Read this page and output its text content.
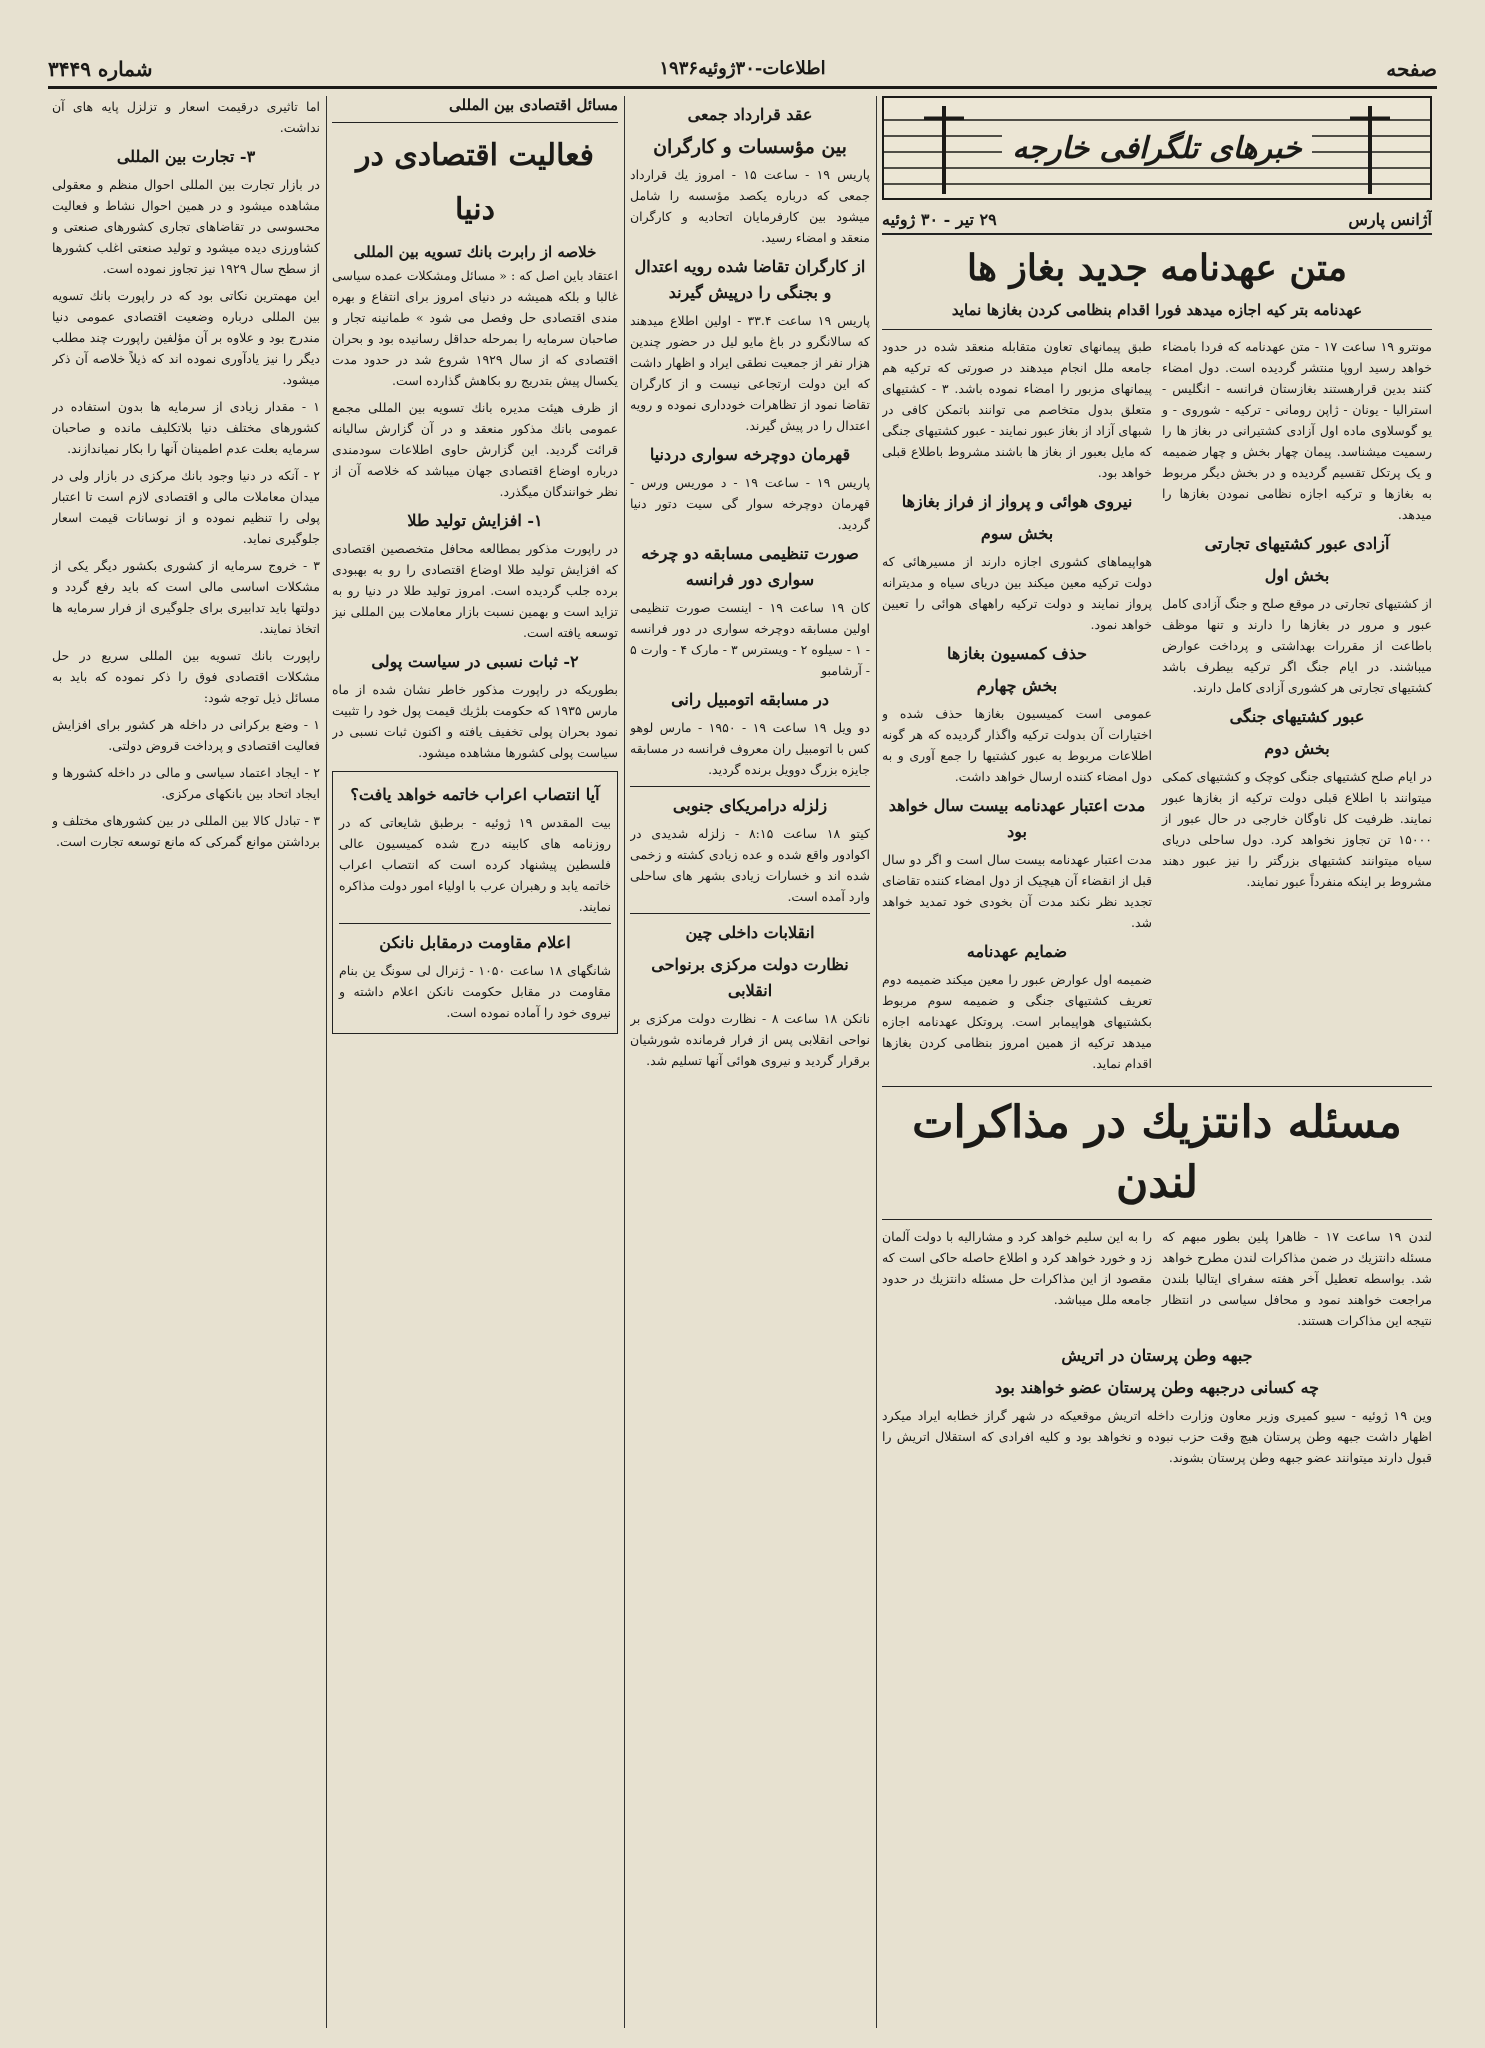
صفحه
اطلاعات-۳۰ژوئیه۱۹۳۶
شماره ۳۴۴۹
خبرهای تلگرافی خارجه
آژانس پارس
۲۹ تیر - ۳۰ ژوئیه
متن عهدنامه جدید بغاز ها
عهدنامه بتر کیه اجازه میدهد فورا اقدام بنظامی کردن بغازها نماید

مونترو ۱۹ ساعت ۱۷ - متن عهدنامه که فردا بامضاء خواهد رسید اروپا منتشر گردیده است. دول امضاء کنند بدین قرارهستند بغازستان فرانسه - انگلیس - استرالیا - یونان - ژاپن رومانی - ترکیه - شوروی - و یو گوسلاوی ماده اول آزادی کشتیرانی در بغاز ها را رسمیت میشناسد. پیمان چهار بخش و چهار ضمیمه و یک پرتکل تقسیم گردیده و در بخش دیگر مربوط به بغازها و ترکیه اجازه نظامی نمودن بغازها را میدهد.

آزادی عبور کشتیهای تجارتی
بخش اول

از کشتیهای تجارتی در موقع صلح و جنگ آزادی کامل عبور و مرور در بغازها را دارند و تنها موظف باطاعت از مقررات بهداشتی و پرداخت عوارض میباشند. در ایام جنگ اگر ترکیه بیطرف باشد کشتیهای تجارتی هر کشوری آزادی کامل دارند.

عبور کشتیهای جنگی
بخش دوم

در ایام صلح کشتیهای جنگی کوچک و کشتیهای کمکی میتوانند با اطلاع قبلی دولت ترکیه از بغازها عبور نمایند. ظرفیت کل ناوگان خارجی در حال عبور از ۱۵۰۰۰ تن تجاوز نخواهد کرد. دول ساحلی دریای سیاه میتوانند کشتیهای بزرگتر را نیز عبور دهند مشروط بر اینکه منفرداً عبور نمایند.

طبق پیمانهای تعاون متقابله منعقد شده در حدود جامعه ملل انجام میدهند در صورتی که ترکیه هم پیمانهای مزبور را امضاء نموده باشد. ۳ - کشتیهای متعلق بدول متخاصم می توانند باتمکن کافی در شبهای آزاد از بغاز عبور نمایند - عبور کشتیهای جنگی که مایل بعبور از بغاز ها باشند مشروط باطلاع قبلی خواهد بود.

نیروی هوائی و پرواز از فراز بغازها
بخش سوم

هواپیماهای کشوری اجازه دارند از مسیرهائی که دولت ترکیه معین میکند بین دریای سیاه و مدیترانه پرواز نمایند و دولت ترکیه راههای هوائی را تعیین خواهد نمود.

حذف کمسیون بغازها
بخش چهارم

عمومی است کمیسیون بغازها حذف شده و اختیارات آن بدولت ترکیه واگذار گردیده که هر گونه اطلاعات مربوط به عبور کشتیها را جمع آوری و به دول امضاء کننده ارسال خواهد داشت.

مدت اعتبار عهدنامه بیست سال خواهد بود

مدت اعتبار عهدنامه بیست سال است و اگر دو سال قبل از انقضاء آن هیچیک از دول امضاء کننده تقاضای تجدید نظر نکند مدت آن بخودی خود تمدید خواهد شد.

ضمایم عهدنامه

ضمیمه اول عوارض عبور را معین میکند ضمیمه دوم تعریف کشتیهای جنگی و ضمیمه سوم مربوط بکشتیهای هواپیمابر است. پروتکل عهدنامه اجازه میدهد ترکیه از همین امروز بنظامی کردن بغازها اقدام نماید.

مسئله دانتزیك در مذاکرات لندن

لندن ۱۹ ساعت ۱۷ - ظاهرا پلین بطور مبهم که مسئله دانتزیك در ضمن مذاکرات لندن مطرح خواهد شد. بواسطه تعطیل آخر هفته سفرای ایتالیا بلندن مراجعت خواهند نمود و محافل سیاسی در انتظار نتیجه این مذاکرات هستند.

را به این سلیم خواهد کرد و مشارالیه با دولت آلمان زد و خورد خواهد کرد و اطلاع حاصله حاکی است که مقصود از این مذاکرات حل مسئله دانتزیك در حدود جامعه ملل میباشد.

جبهه وطن پرستان در اتریش
چه کسانی درجبهه وطن پرستان عضو خواهند بود

وین ۱۹ ژوئیه - سیو کمیری وزیر معاون وزارت داخله اتریش موقعیکه در شهر گراز خطابه ایراد میکرد اظهار داشت جبهه وطن پرستان هیچ وقت حزب نبوده و نخواهد بود و کلیه افرادی که استقلال اتریش را قبول دارند میتوانند عضو جبهه وطن پرستان بشوند.

عقد قرارداد جمعی
بین مؤسسات و کارگران

پاریس ۱۹ - ساعت ۱۵ - امروز یك قرارداد جمعی که درباره یکصد مؤسسه را شامل میشود بین کارفرمایان اتحادیه و کارگران منعقد و امضاء رسید.

از کارگران تقاضا شده رویه اعتدال و بجنگی را درپیش گیرند

پاریس ۱۹ ساعت ۳۳.۴ - اولین اطلاع میدهند که سالانگرو در باغ مایو لیل در حضور چندین هزار نفر از جمعیت نطقی ایراد و اظهار داشت که این دولت ارتجاعی نیست و از کارگران تقاضا نمود از تظاهرات خودداری نموده و رویه اعتدال را در پیش گیرند.

قهرمان دوچرخه سواری دردنیا

پاریس ۱۹ - ساعت ۱۹ - د موریس ورس - قهرمان دوچرخه سوار گی سیت دتور دنیا گردید.

صورت تنظیمی مسابقه دو چرخه سواری دور فرانسه

کان ۱۹ ساعت ۱۹ - اینست صورت تنظیمی اولین مسابقه دوچرخه سواری در دور فرانسه - ۱ - سیلوه ۲ - ویسترس ۳ - مارک ۴ - وارت ۵ - آرشامبو

در مسابقه اتومبیل رانی

دو ویل ۱۹ ساعت ۱۹ - ۱۹۵۰ - مارس لوهو کس با اتومبیل ران معروف فرانسه در مسابقه جایزه بزرگ دوویل برنده گردید.

زلزله درامریکای جنوبی

کیتو ۱۸ ساعت ۸:۱۵ - زلزله شدیدی در اکوادور واقع شده و عده زیادی کشته و زخمی شده اند و خسارات زیادی بشهر های ساحلی وارد آمده است.

انقلابات داخلی چین
نظارت دولت مرکزی برنواحی انقلابی

نانکن ۱۸ ساعت ۸ - نظارت دولت مرکزی بر نواحی انقلابی پس از فرار فرمانده شورشیان برقرار گردید و نیروی هوائی آنها تسلیم شد.

مسائل اقتصادی بین المللی
فعالیت اقتصادی در دنیا
خلاصه از رابرت بانك تسویه بین المللی

اعتقاد باین اصل که : « مسائل ومشکلات عمده سیاسی غالبا و بلکه همیشه در دنیای امروز برای انتفاع و بهره مندی اقتصادی حل وفصل می شود » طمانینه تجار و صاحبان سرمایه را بمرحله حداقل رسانیده بود و بحران اقتصادی که از سال ۱۹۲۹ شروع شد در حدود مدت یکسال پیش بتدریج رو بکاهش گذارده است.

از ظرف هیئت مدیره بانك تسویه بین المللی مجمع عمومی بانك مذکور منعقد و در آن گزارش سالیانه قرائت گردید. این گزارش حاوی اطلاعات سودمندی درباره اوضاع اقتصادی جهان میباشد که خلاصه آن از نظر خوانندگان میگذرد.

۱- افزایش تولید طلا

در راپورت مذکور بمطالعه محافل متخصصین اقتصادی که افزایش تولید طلا اوضاع اقتصادی را رو به بهبودی برده جلب گردیده است. امروز تولید طلا در دنیا رو به تزاید است و بهمین نسبت بازار معاملات بین المللی نیز توسعه یافته است.

۲- ثبات نسبی در سیاست پولی

بطوریکه در راپورت مذکور خاطر نشان شده از ماه مارس ۱۹۳۵ که حکومت بلژیك قیمت پول خود را تثبیت نمود بحران پولی تخفیف یافته و اکنون ثبات نسبی در سیاست پولی کشورها مشاهده میشود.

آیا انتصاب اعراب خاتمه خواهد یافت؟

بیت المقدس ۱۹ ژوئیه - برطبق شایعاتی که در روزنامه های کابینه درج شده کمیسیون عالی فلسطین پیشنهاد کرده است که انتصاب اعراب خاتمه یابد و رهبران عرب با اولیاء امور دولت مذاکره نمایند.

اعلام مقاومت درمقابل نانکن

شانگهای ۱۸ ساعت ۱۰۵۰ - ژنرال لی سونگ ین بنام مقاومت در مقابل حکومت نانکن اعلام داشته و نیروی خود را آماده نموده است.

اما تاثیری درقیمت اسعار و تزلزل پایه های آن نداشت.

۳- تجارت بین المللی

در بازار تجارت بین المللی احوال منظم و معقولی مشاهده میشود و در همین احوال نشاط و فعالیت محسوسی در تقاضاهای تجاری کشورهای صنعتی و کشاورزی دیده میشود و تولید صنعتی اغلب کشورها از سطح سال ۱۹۲۹ نیز تجاوز نموده است.

این مهمترین نکاتی بود که در راپورت بانك تسویه بین المللی درباره وضعیت اقتصادی عمومی دنیا مندرج بود و علاوه بر آن مؤلفین راپورت چند مطلب دیگر را نیز یادآوری نموده اند که ذیلاً خلاصه آن ذکر میشود.

۱ - مقدار زیادی از سرمایه ها بدون استفاده در کشورهای مختلف دنیا بلاتکلیف مانده و صاحبان سرمایه بعلت عدم اطمینان آنها را بکار نمیاندازند.

۲ - آنکه در دنیا وجود بانك مرکزی در بازار ولی در میدان معاملات مالی و اقتصادی لازم است تا اعتبار پولی را تنظیم نموده و از نوسانات قیمت اسعار جلوگیری نماید.

۳ - خروج سرمایه از کشوری بکشور دیگر یکی از مشکلات اساسی مالی است که باید رفع گردد و دولتها باید تدابیری برای جلوگیری از فرار سرمایه ها اتخاذ نمایند.

راپورت بانك تسویه بین المللی سریع در حل مشکلات اقتصادی فوق را ذکر نموده که باید به مسائل ذیل توجه شود:

۱ - وضع برکرانی در داخله هر کشور برای افزایش فعالیت اقتصادی و پرداخت قروض دولتی.

۲ - ایجاد اعتماد سیاسی و مالی در داخله کشورها و ایجاد اتحاد بین بانکهای مرکزی.

۳ - تبادل کالا بین المللی در بین کشورهای مختلف و برداشتن موانع گمرکی که مانع توسعه تجارت است.
